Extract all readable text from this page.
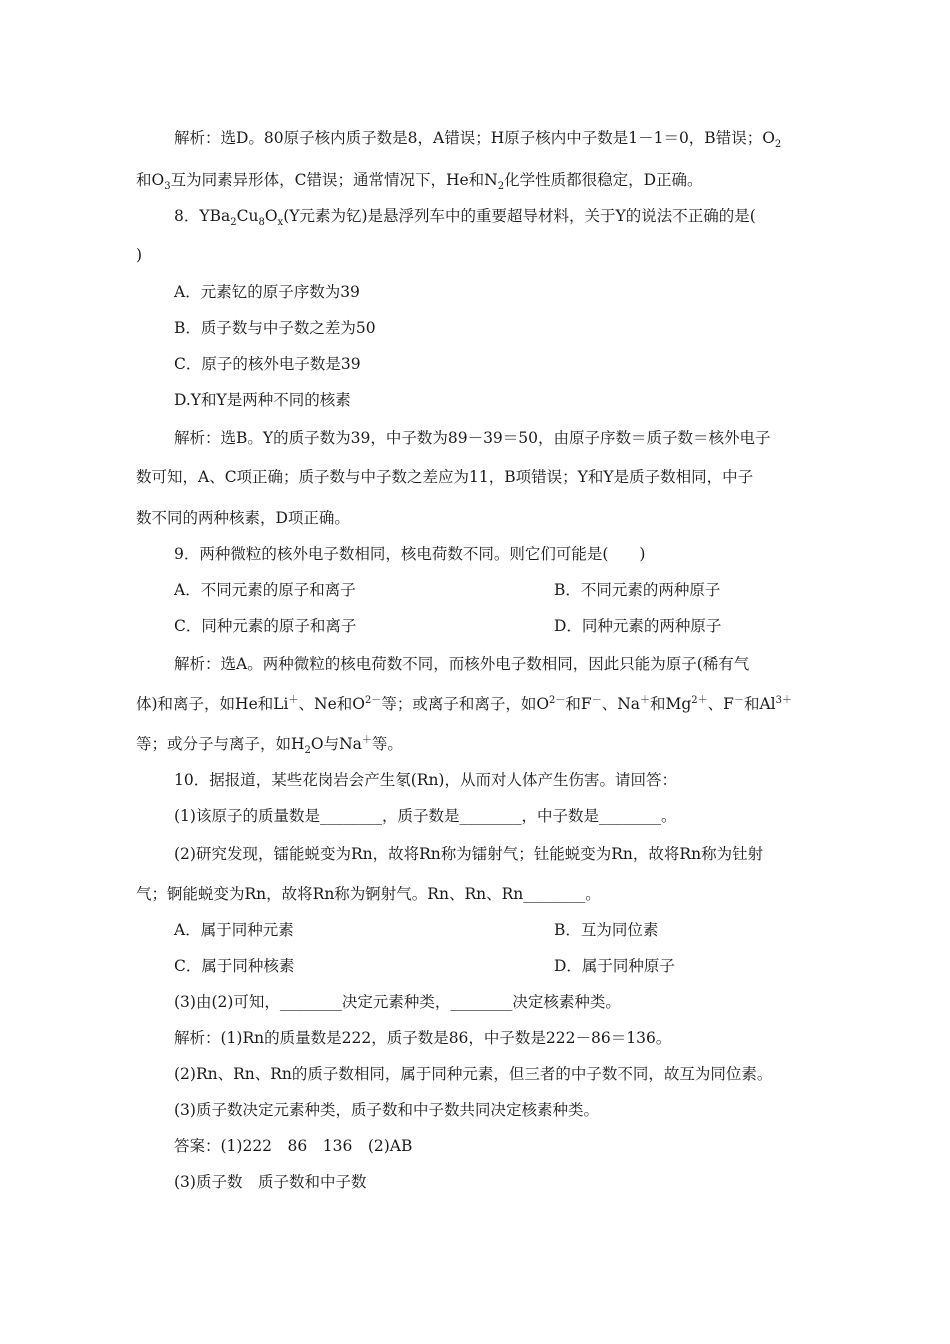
解析：选D。80原子核内质子数是8，A错误；H原子核内中子数是1－1＝0，B错误；$O_2$
和$O_3$互为同素异形体，C错误；通常情况下，He和$N_2$化学性质都很稳定，D正确。
8．$YBa_2Cu_8O_x(Y$元素为钇)是悬浮列车中的重要超导材料，关于Y的说法不正确的是(
)
A．元素钇的原子序数为39
B．质子数与中子数之差为50
C．原子的核外电子数是39
D.Y和Y是两种不同的核素
解析：选B。Y的质子数为39，中子数为89－39＝50，由原子序数＝质子数＝核外电子
数可知，A、C项正确；质子数与中子数之差应为11，B项错误；Y和Y是质子数相同，中子
数不同的两种核素，D项正确。
9．两种微粒的核外电子数相同，核电荷数不同。则它们可能是(　　)
A．不同元素的原子和离子	B．不同元素的两种原子
C．同种元素的原子和离子	D．同种元素的两种原子
解析：选A。两种微粒的核电荷数不同，而核外电子数相同，因此只能为原子(稀有气
体)和离子，如He和Li＋、Ne和$O^{2-}$等；或离子和离子，如$O^{2-}$和F－、Na＋和$Mg^{2+}$、F－和$Al^{3+}$
等；或分子与离子，如$H_2O$与Na＋等。
10．据报道，某些花岗岩会产生氡(Rn)，从而对人体产生伤害。请回答：
(1)该原子的质量数是________，质子数是________，中子数是________。
(2)研究发现，镭能蜕变为Rn，故将Rn称为镭射气；钍能蜕变为Rn，故将Rn称为钍射
气；锕能蜕变为Rn，故将Rn称为锕射气。Rn、Rn、Rn________。
A．属于同种元素	B．互为同位素
C．属于同种核素	D．属于同种原子
(3)由(2)可知，________决定元素种类，________决定核素种类。
解析：(1)Rn的质量数是222，质子数是86，中子数是222－86＝136。
(2)Rn、Rn、Rn的质子数相同，属于同种元素，但三者的中子数不同，故互为同位素。
(3)质子数决定元素种类，质子数和中子数共同决定核素种类。
答案：(1)222　86　136　(2)AB
(3)质子数　质子数和中子数
